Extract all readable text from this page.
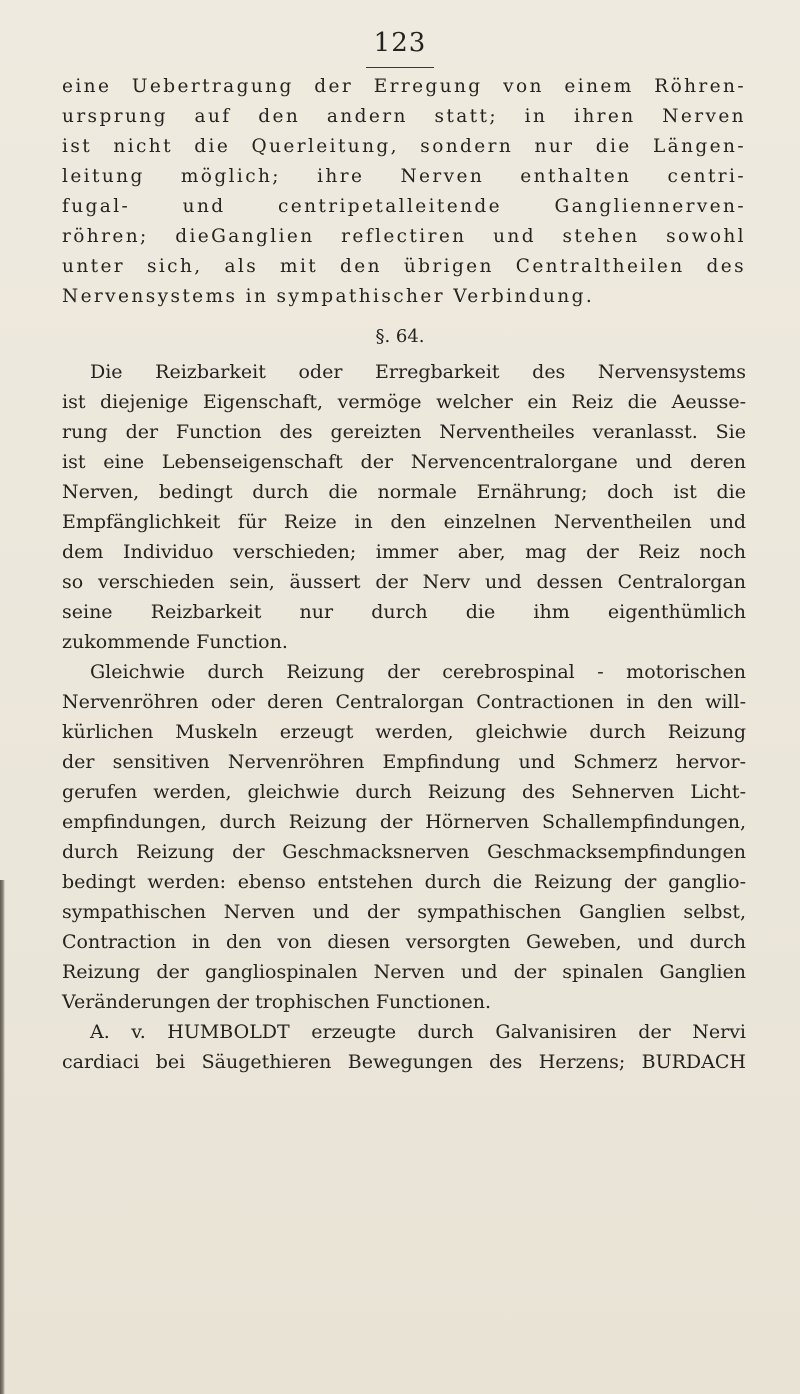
123
eine Uebertragung der Erregung von einem Röhren-
ursprung auf den andern statt; in ihren Nerven
ist nicht die Querleitung, sondern nur die Längen-
leitung möglich; ihre Nerven enthalten centri-
fugal- und centripetalleitende Gangliennerven-
röhren; dieGanglien reflectiren und stehen sowohl
unter sich, als mit den übrigen Centraltheilen des
Nervensystems in sympathischer Verbindung.
§. 64.
Die Reizbarkeit oder Erregbarkeit des Nervensystems
ist diejenige Eigenschaft, vermöge welcher ein Reiz die Aeusse-
rung der Function des gereizten Nerventheiles veranlasst. Sie
ist eine Lebenseigenschaft der Nervencentralorgane und deren
Nerven, bedingt durch die normale Ernährung; doch ist die
Empfänglichkeit für Reize in den einzelnen Nerventheilen und
dem Individuo verschieden; immer aber, mag der Reiz noch
so verschieden sein, äussert der Nerv und dessen Centralorgan
seine Reizbarkeit nur durch die ihm eigenthümlich
zukommende Function.
Gleichwie durch Reizung der cerebrospinal - motorischen
Nervenröhren oder deren Centralorgan Contractionen in den will-
kürlichen Muskeln erzeugt werden, gleichwie durch Reizung
der sensitiven Nervenröhren Empfindung und Schmerz hervor-
gerufen werden, gleichwie durch Reizung des Sehnerven Licht-
empfindungen, durch Reizung der Hörnerven Schallempfindungen,
durch Reizung der Geschmacksnerven Geschmacksempfindungen
bedingt werden: ebenso entstehen durch die Reizung der ganglio-
sympathischen Nerven und der sympathischen Ganglien selbst,
Contraction in den von diesen versorgten Geweben, und durch
Reizung der gangliospinalen Nerven und der spinalen Ganglien
Veränderungen der trophischen Functionen.
A. v. HUMBOLDT erzeugte durch Galvanisiren der Nervi
cardiaci bei Säugethieren Bewegungen des Herzens; BURDACH
